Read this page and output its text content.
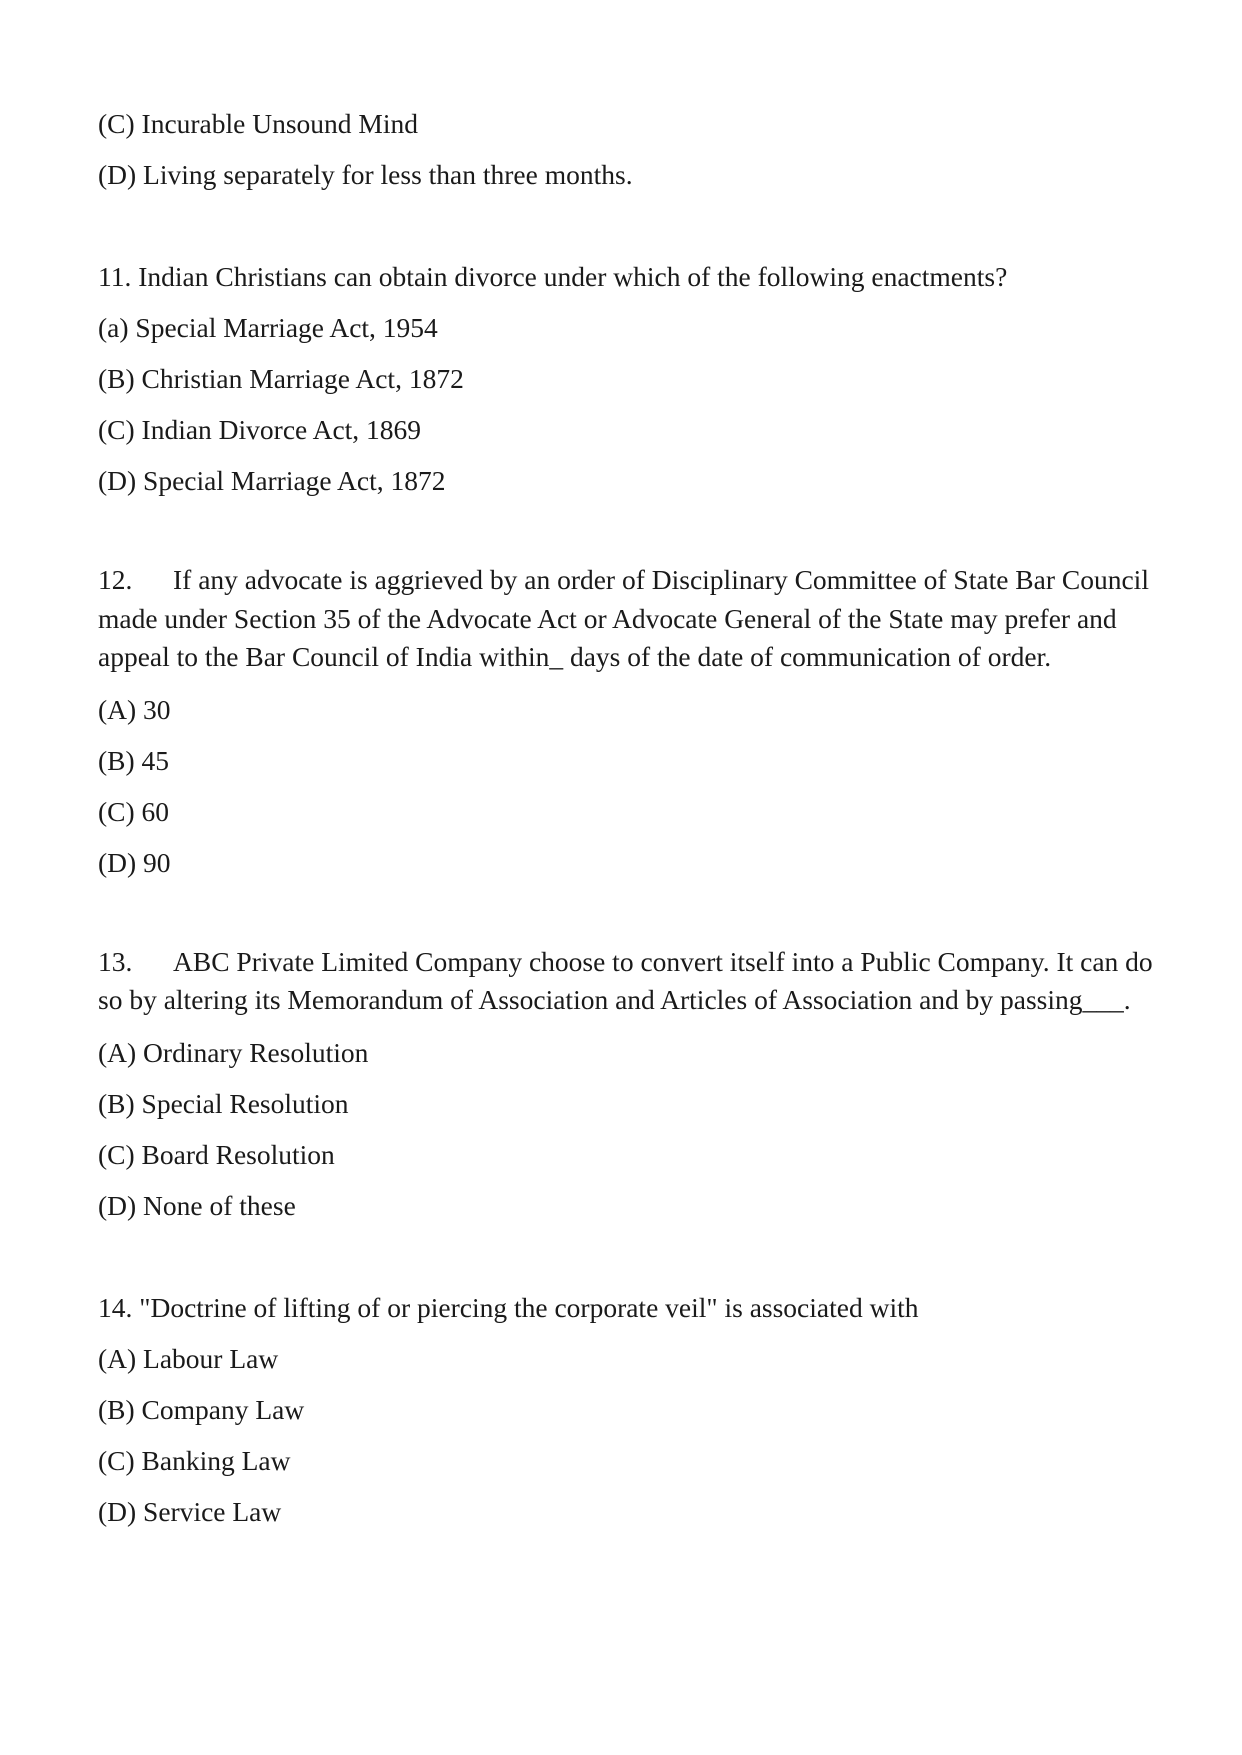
(C) Incurable Unsound Mind

(D) Living separately for less than three months.

11. Indian Christians can obtain divorce under which of the following enactments?

(a) Special Marriage Act, 1954

(B) Christian Marriage Act, 1872

(C) Indian Divorce Act, 1869

(D) Special Marriage Act, 1872

12. If any advocate is aggrieved by an order of Disciplinary Committee of State Bar Council made under Section 35 of the Advocate Act or Advocate General of the State may prefer and appeal to the Bar Council of India within_ days of the date of communication of order.

(A) 30

(B) 45

(C) 60

(D) 90

13. ABC Private Limited Company choose to convert itself into a Public Company. It can do so by altering its Memorandum of Association and Articles of Association and by passing___.

(A) Ordinary Resolution

(B) Special Resolution

(C) Board Resolution

(D) None of these

14. "Doctrine of lifting of or piercing the corporate veil" is associated with

(A) Labour Law

(B) Company Law

(C) Banking Law

(D) Service Law
